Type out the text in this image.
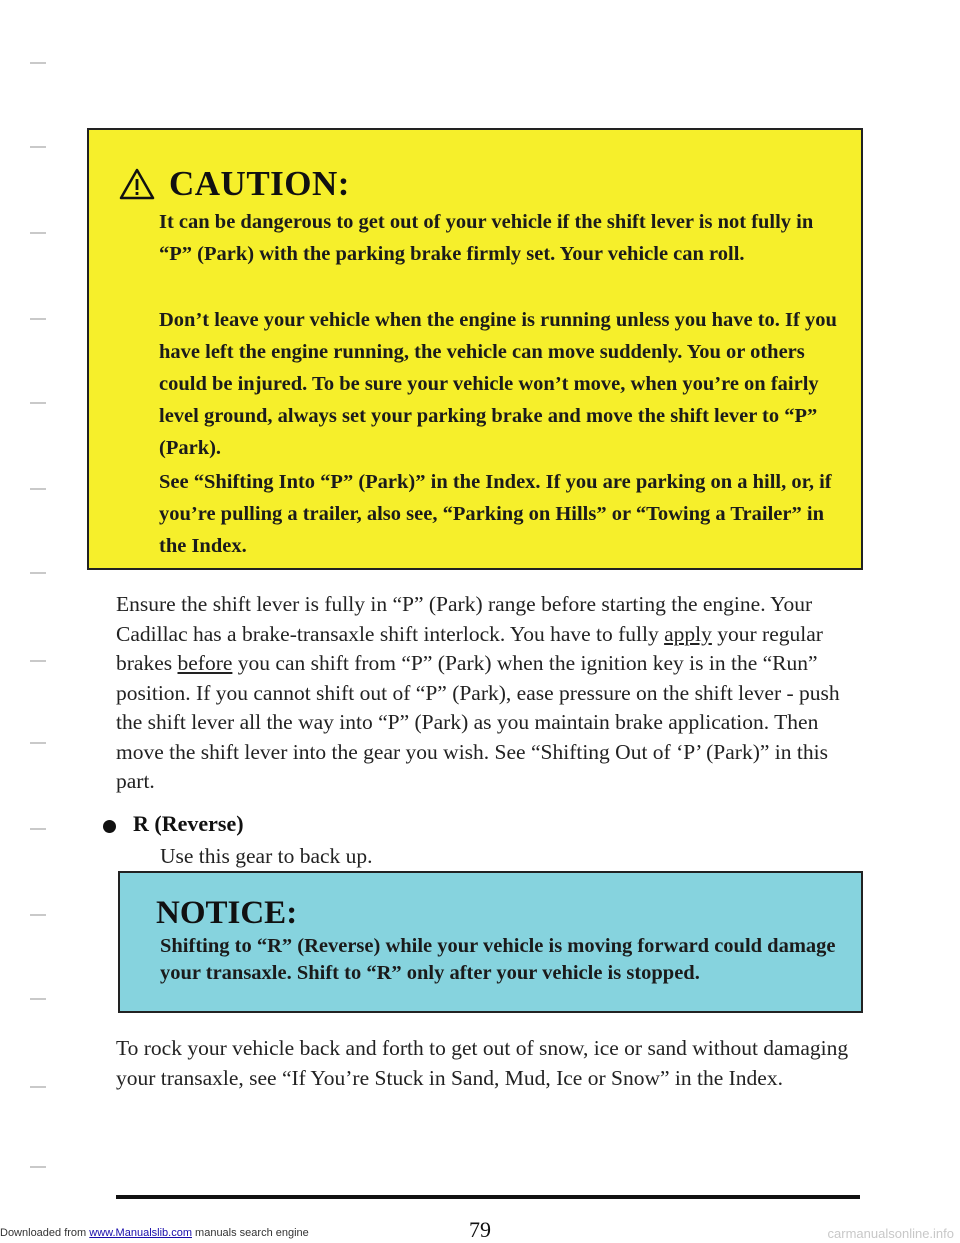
CAUTION:

It can be dangerous to get out of your vehicle if the shift lever is not fully in “P” (Park) with the parking brake firmly set. Your vehicle can roll.

Don’t leave your vehicle when the engine is running unless you have to. If you have left the engine running, the vehicle can move suddenly. You or others could be injured. To be sure your vehicle won’t move, when you’re on fairly level ground, always set your parking brake and move the shift lever to “P” (Park).

See “Shifting Into “P” (Park)” in the Index. If you are parking on a hill, or, if you’re pulling a trailer, also see, “Parking on Hills” or “Towing a Trailer” in the Index.

Ensure the shift lever is fully in “P” (Park) range before starting the engine. Your Cadillac has a brake-transaxle shift interlock. You have to fully apply your regular brakes before you can shift from “P” (Park) when the ignition key is in the “Run” position. If you cannot shift out of “P” (Park), ease pressure on the shift lever - push the shift lever all the way into “P” (Park) as you maintain brake application. Then move the shift lever into the gear you wish. See “Shifting Out of ‘P’ (Park)” in this part.

R (Reverse)
Use this gear to back up.
NOTICE:

Shifting to “R” (Reverse) while your vehicle is moving forward could damage your transaxle. Shift to “R” only after your vehicle is stopped.

To rock your vehicle back and forth to get out of snow, ice or sand without damaging your transaxle, see “If You’re Stuck in Sand, Mud, Ice or Snow” in the Index.

79
Downloaded from www.Manualslib.com manuals search engine	carmanualsonline.info
